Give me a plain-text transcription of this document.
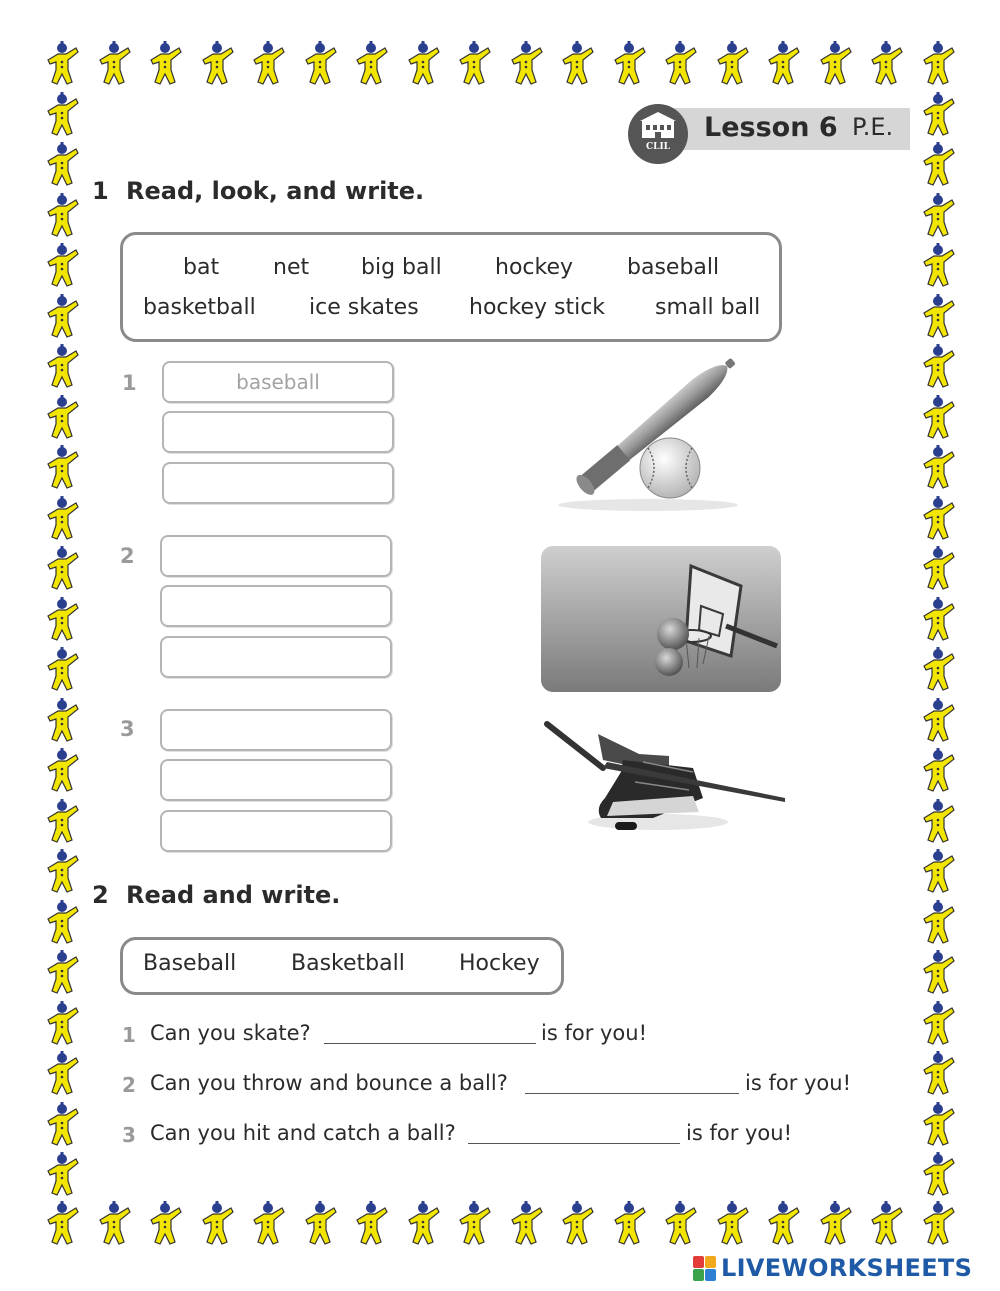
CLIL
Lesson 6 P.E.
1 Read, look, and write.
bat net big ball hockey baseball
basketball ice skates hockey stick small ball
1	baseball
2
3
2 Read and write.
Baseball Basketball Hockey
1 Can you skate?	is for you!
2 Can you throw and bounce a ball?	is for you!
3 Can you hit and catch a ball?	is for you!
LIVEWORKSHEETS
